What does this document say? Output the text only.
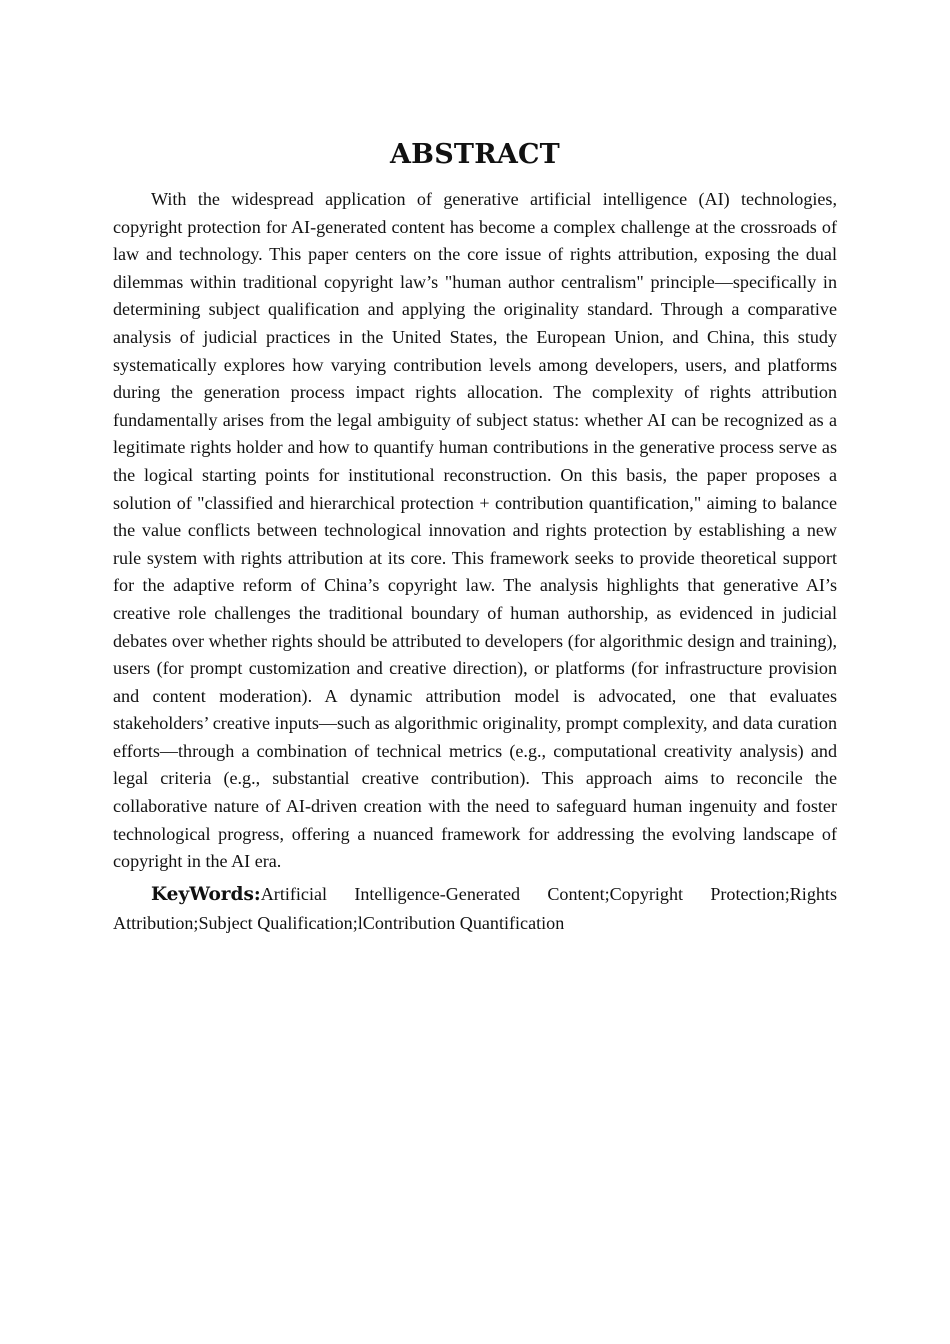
ABSTRACT

With the widespread application of generative artificial intelligence (AI) technologies, copyright protection for AI-generated content has become a complex challenge at the crossroads of law and technology. This paper centers on the core issue of rights attribution, exposing the dual dilemmas within traditional copyright law’s "human author centralism" principle—specifically in determining subject qualification and applying the originality standard. Through a comparative analysis of judicial practices in the United States, the European Union, and China, this study systematically explores how varying contribution levels among developers, users, and platforms during the generation process impact rights allocation. The complexity of rights attribution fundamentally arises from the legal ambiguity of subject status: whether AI can be recognized as a legitimate rights holder and how to quantify human contributions in the generative process serve as the logical starting points for institutional reconstruction. On this basis, the paper proposes a solution of "classified and hierarchical protection + contribution quantification," aiming to balance the value conflicts between technological innovation and rights protection by establishing a new rule system with rights attribution at its core. This framework seeks to provide theoretical support for the adaptive reform of China’s copyright law. The analysis highlights that generative AI’s creative role challenges the traditional boundary of human authorship, as evidenced in judicial debates over whether rights should be attributed to developers (for algorithmic design and training), users (for prompt customization and creative direction), or platforms (for infrastructure provision and content moderation). A dynamic attribution model is advocated, one that evaluates stakeholders’ creative inputs—such as algorithmic originality, prompt complexity, and data curation efforts—through a combination of technical metrics (e.g., computational creativity analysis) and legal criteria (e.g., substantial creative contribution). This approach aims to reconcile the collaborative nature of AI-driven creation with the need to safeguard human ingenuity and foster technological progress, offering a nuanced framework for addressing the evolving landscape of copyright in the AI era.

KeyWords:Artificial Intelligence-Generated Content;Copyright Protection;Rights Attribution;Subject Qualification;lContribution Quantification
